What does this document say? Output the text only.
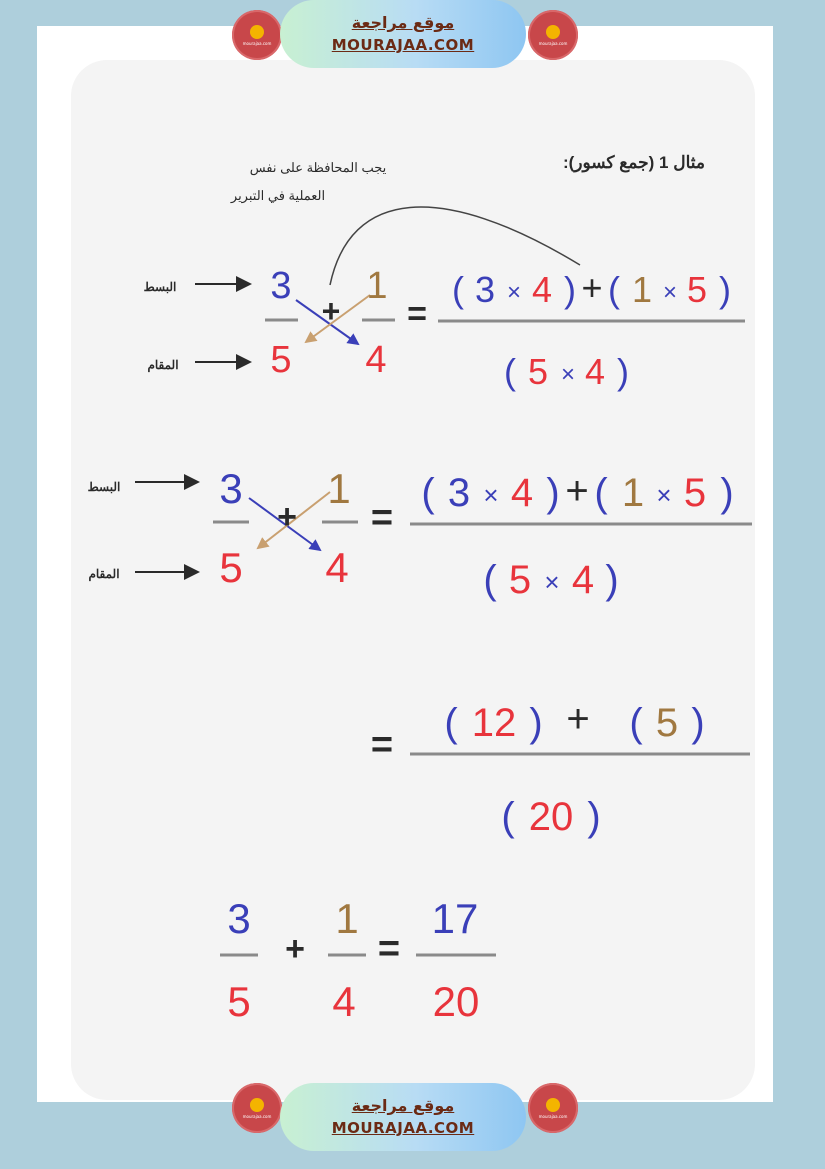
mourajaa.com
موقع مراجعة
MOURAJAA.COM	mourajaa.com
mourajaa.com
موقع مراجعة
MOURAJAA.COM
mourajaa.com
مثال 1 (جمع كسور):
يجب المحافظة على نفس
العملية في التبرير
البسط
المقام
3
5
+
1
4
=
( 3 × 4 ) + ( 1 × 5 )
( 5 × 4 )
البسط
المقام
3
5
+
1
4
=
( 3 × 4 ) + ( 1 × 5 )
( 5 × 4 )
= ( 12 ) + ( 5 )
( 20 )
3
5
+
1
4
=
17
20
